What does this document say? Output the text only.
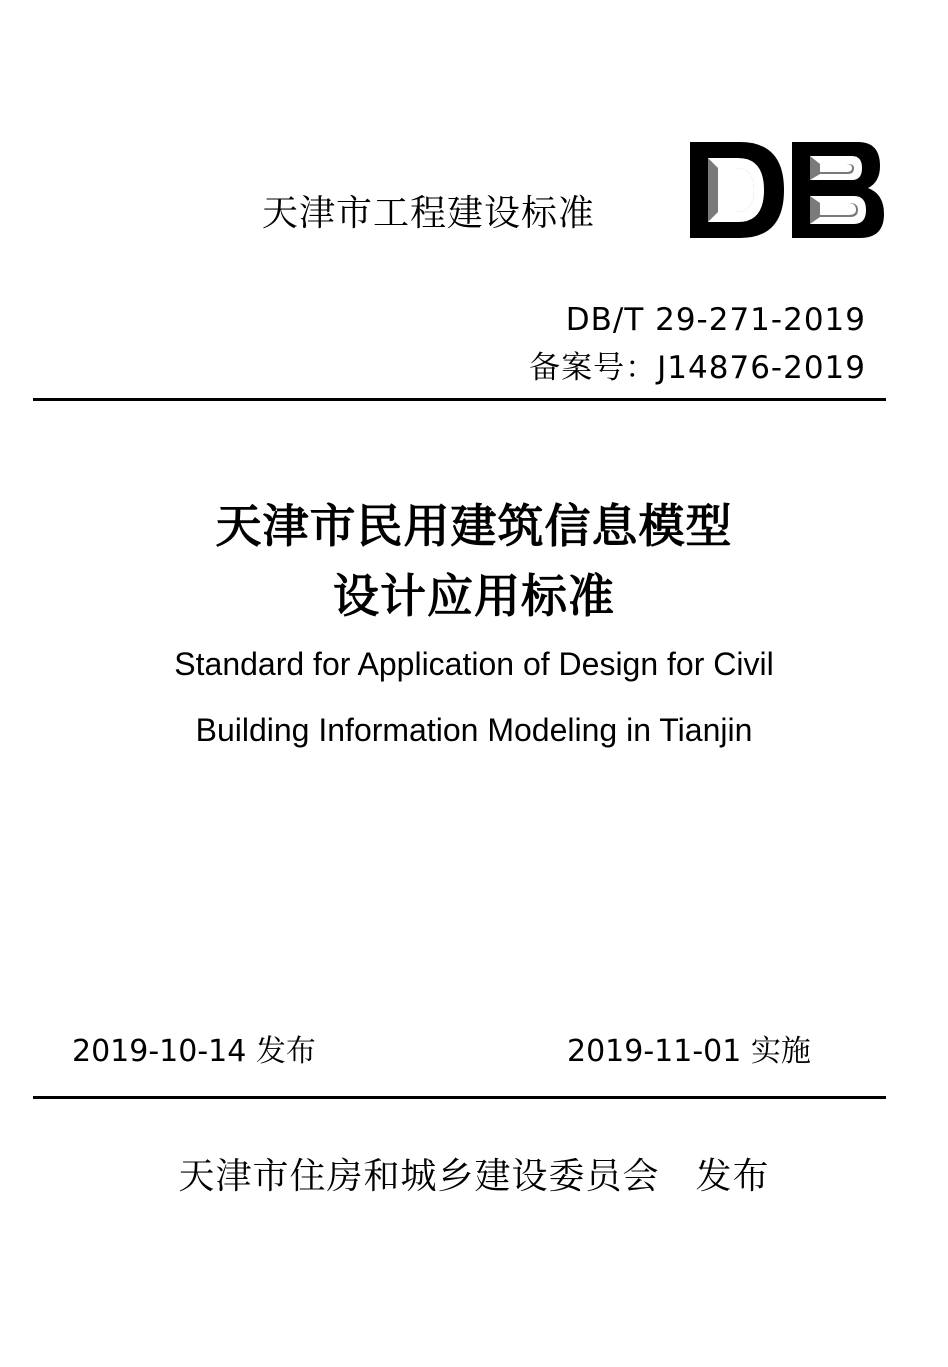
天津市工程建设标准
DB/T 29-271-2019
备案号：J14876-2019
天津市民用建筑信息模型
设计应用标准
Standard for Application of Design for Civil
Building Information Modeling in Tianjin
2019-10-14 发布	2019-11-01 实施
天津市住房和城乡建设委员会 发布
